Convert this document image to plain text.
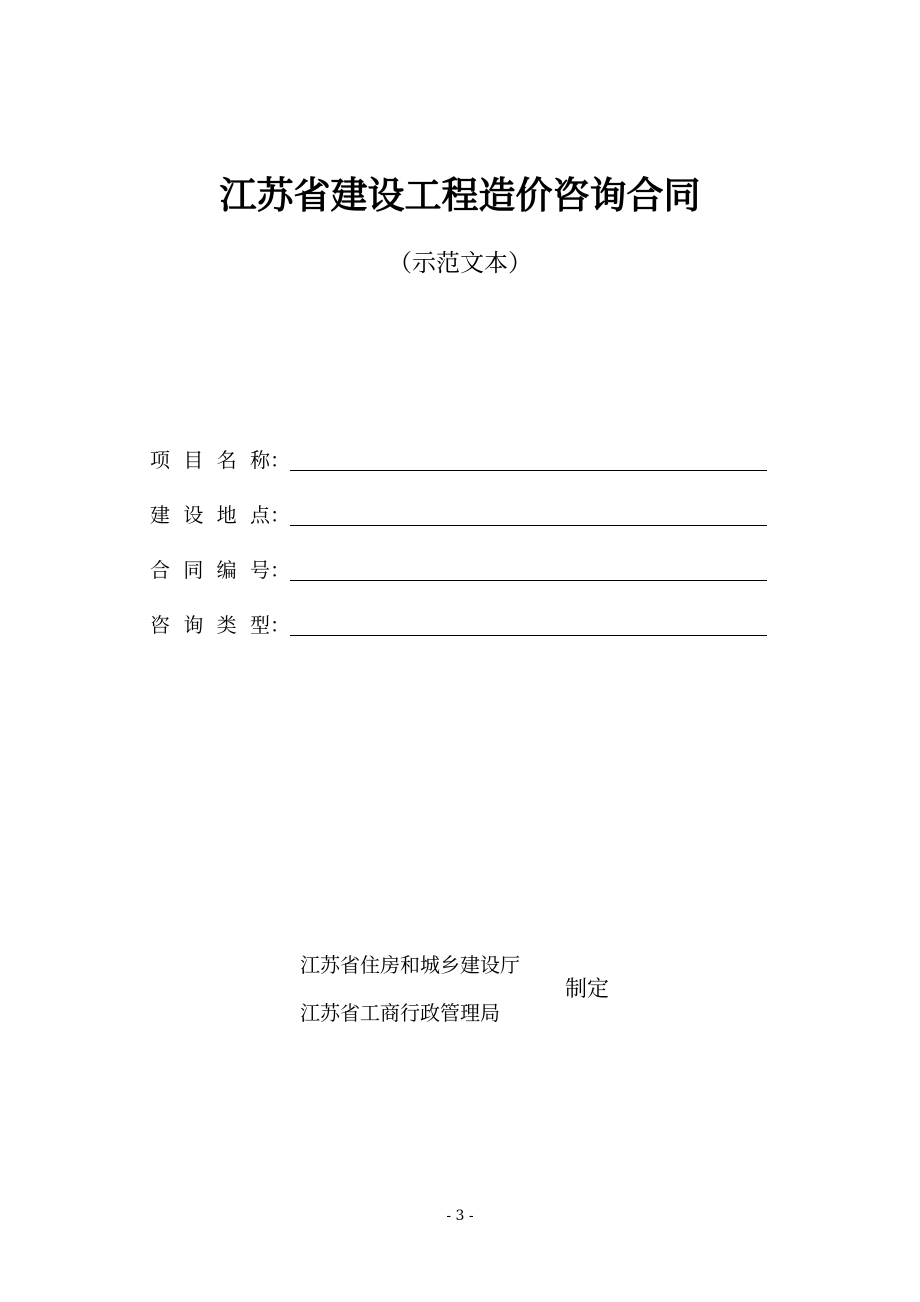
江苏省建设工程造价咨询合同
（示范文本）
项 目 名 称：
建 设 地 点：
合 同 编 号：
咨 询 类 型：
江苏省住房和城乡建设厅
江苏省工商行政管理局
制定
- 3 -
